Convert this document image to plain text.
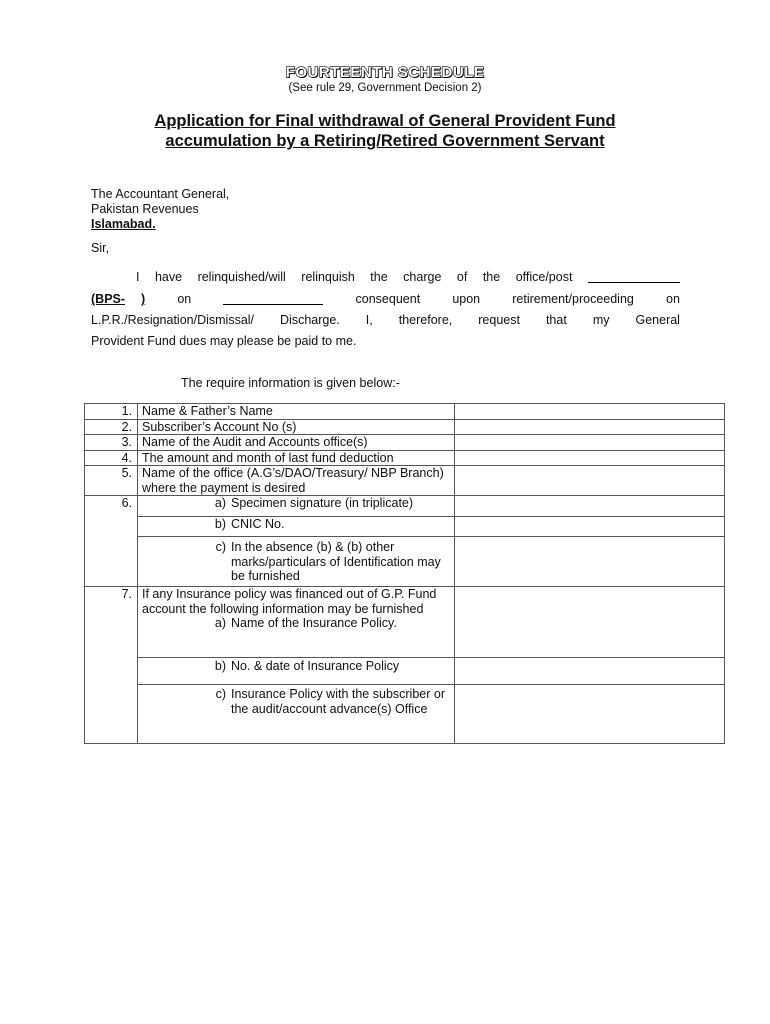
FOURTEENTH SCHEDULE
(See rule 29, Government Decision 2)
Application for Final withdrawal of General Provident Fund
accumulation by a Retiring/Retired Government Servant
The Accountant General,
Pakistan Revenues
Islamabad.
Sir,
I have relinquished/will relinquish the charge of the office/post
(BPS- )	on	consequent	upon	retirement/proceeding	on
L.P.R./Resignation/Dismissal/ Discharge. I, therefore, request that my General
Provident Fund dues may please be paid to me.
The require information is given below:-
1.	Name & Father’s Name	
2.	Subscriber’s Account No (s)	
3.	Name of the Audit and Accounts office(s)	
4.	The amount and month of last fund deduction	
5.	Name of the office (A.G’s/DAO/Treasury/ NBP Branch) where the payment is desired	
6.	a) Specimen signature (in triplicate)	

	b) CNIC No.	

	c) In the absence (b) & (b) other marks/particulars of Identification may be furnished	

7.	If any Insurance policy was financed out of G.P. Fund account the following information may be furnished
a) Name of the Insurance Policy.	

	b) No. & date of Insurance Policy	

	c) Insurance Policy with the subscriber or the audit/account advance(s) Office	
